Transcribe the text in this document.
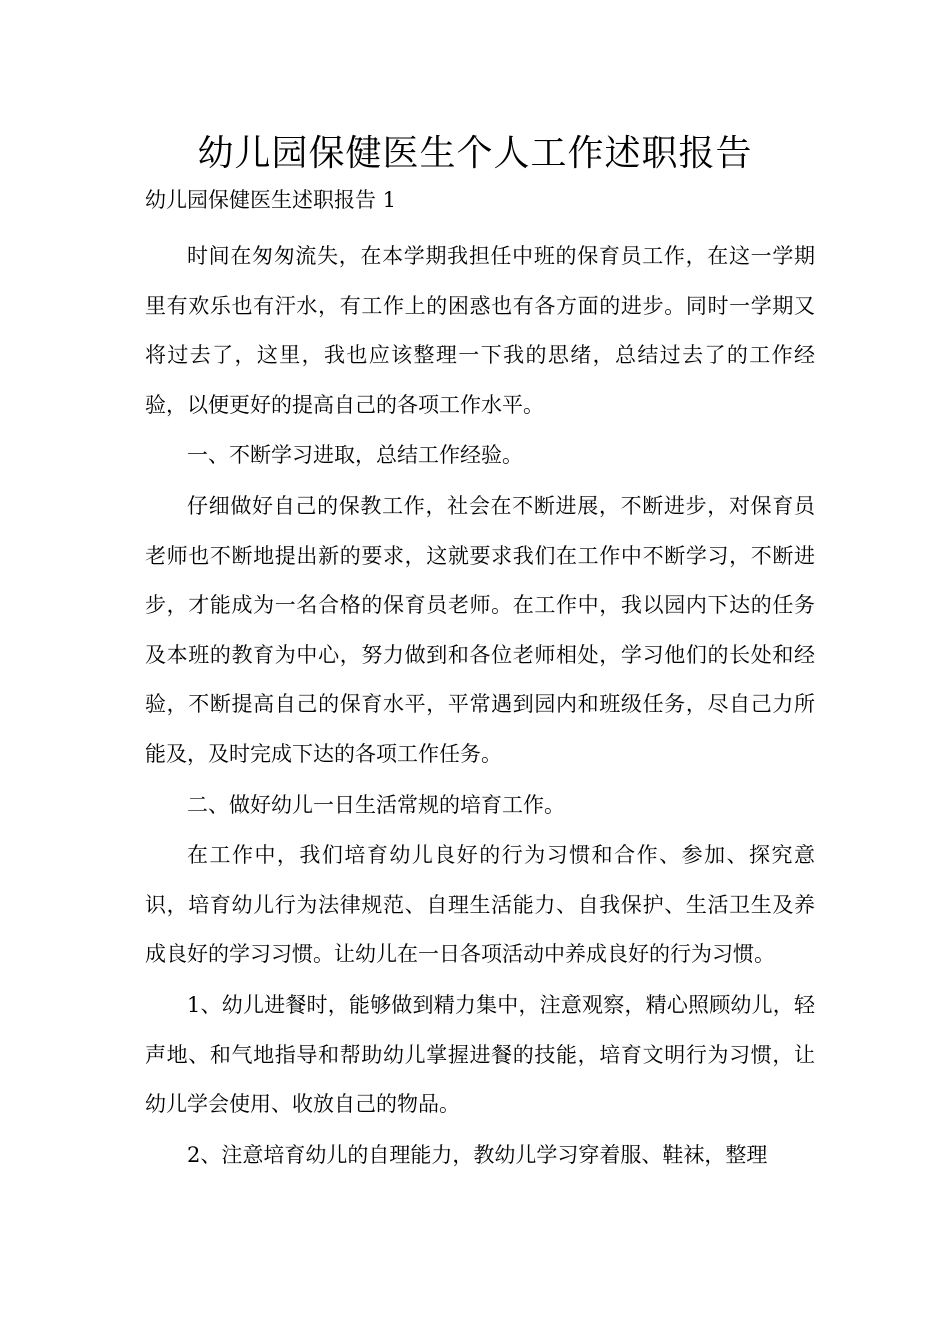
幼儿园保健医生个人工作述职报告

幼儿园保健医生述职报告 1

时间在匆匆流失，在本学期我担任中班的保育员工作，在这一学期里有欢乐也有汗水，有工作上的困惑也有各方面的进步。同时一学期又将过去了，这里，我也应该整理一下我的思绪，总结过去了的工作经验，以便更好的提高自己的各项工作水平。

一、不断学习进取，总结工作经验。

仔细做好自己的保教工作，社会在不断进展，不断进步，对保育员老师也不断地提出新的要求，这就要求我们在工作中不断学习，不断进步，才能成为一名合格的保育员老师。在工作中，我以园内下达的任务及本班的教育为中心，努力做到和各位老师相处，学习他们的长处和经验，不断提高自己的保育水平，平常遇到园内和班级任务，尽自己力所能及，及时完成下达的各项工作任务。

二、做好幼儿一日生活常规的培育工作。

在工作中，我们培育幼儿良好的行为习惯和合作、参加、探究意识，培育幼儿行为法律规范、自理生活能力、自我保护、生活卫生及养成良好的学习习惯。让幼儿在一日各项活动中养成良好的行为习惯。

1、幼儿进餐时，能够做到精力集中，注意观察，精心照顾幼儿，轻声地、和气地指导和帮助幼儿掌握进餐的技能，培育文明行为习惯，让幼儿学会使用、收放自己的物品。

2、注意培育幼儿的自理能力，教幼儿学习穿着服、鞋袜，整理
